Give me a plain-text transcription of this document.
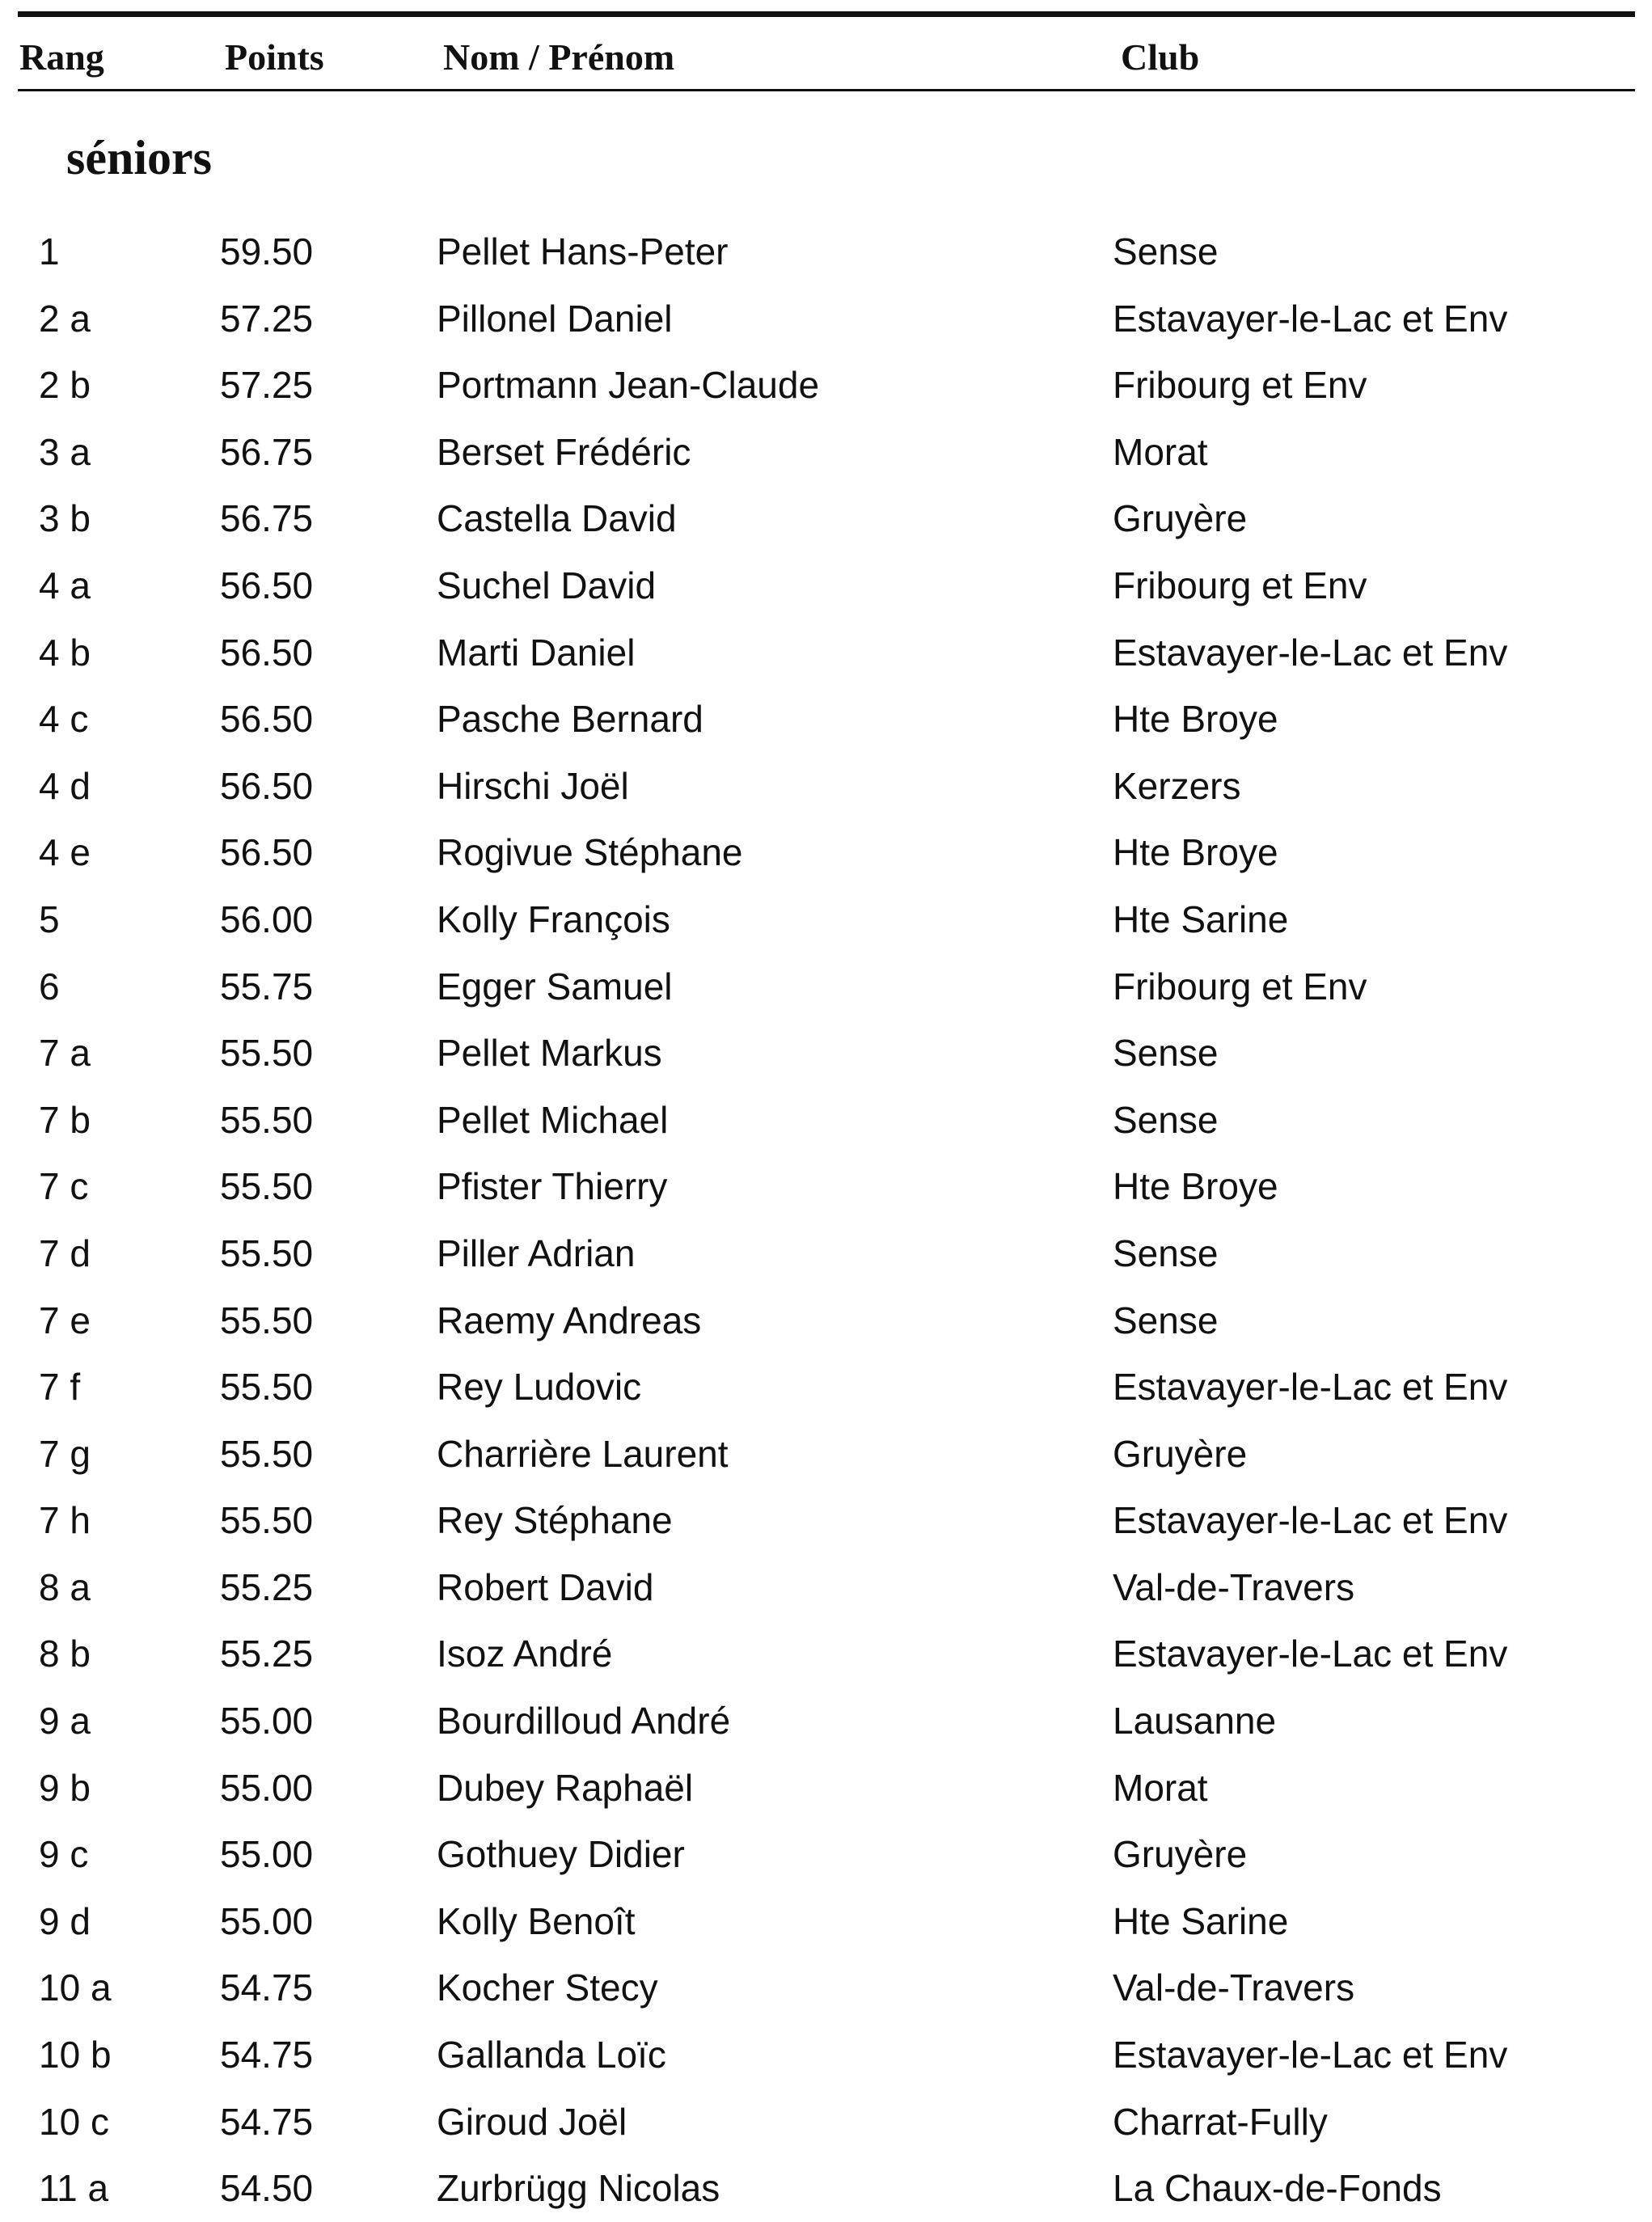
Rang	Points	Nom / Prénom	Club
séniors
1	59.50	Pellet Hans-Peter	Sense
2 a	57.25	Pillonel Daniel	Estavayer-le-Lac et Env
2 b	57.25	Portmann Jean-Claude	Fribourg et Env
3 a	56.75	Berset Frédéric	Morat
3 b	56.75	Castella David	Gruyère
4 a	56.50	Suchel David	Fribourg et Env
4 b	56.50	Marti Daniel	Estavayer-le-Lac et Env
4 c	56.50	Pasche Bernard	Hte Broye
4 d	56.50	Hirschi Joël	Kerzers
4 e	56.50	Rogivue Stéphane	Hte Broye
5	56.00	Kolly François	Hte Sarine
6	55.75	Egger Samuel	Fribourg et Env
7 a	55.50	Pellet Markus	Sense
7 b	55.50	Pellet Michael	Sense
7 c	55.50	Pfister Thierry	Hte Broye
7 d	55.50	Piller Adrian	Sense
7 e	55.50	Raemy Andreas	Sense
7 f	55.50	Rey Ludovic	Estavayer-le-Lac et Env
7 g	55.50	Charrière Laurent	Gruyère
7 h	55.50	Rey Stéphane	Estavayer-le-Lac et Env
8 a	55.25	Robert David	Val-de-Travers
8 b	55.25	Isoz André	Estavayer-le-Lac et Env
9 a	55.00	Bourdilloud André	Lausanne
9 b	55.00	Dubey Raphaël	Morat
9 c	55.00	Gothuey Didier	Gruyère
9 d	55.00	Kolly Benoît	Hte Sarine
10 a	54.75	Kocher Stecy	Val-de-Travers
10 b	54.75	Gallanda Loïc	Estavayer-le-Lac et Env
10 c	54.75	Giroud Joël	Charrat-Fully
11 a	54.50	Zurbrügg Nicolas	La Chaux-de-Fonds
